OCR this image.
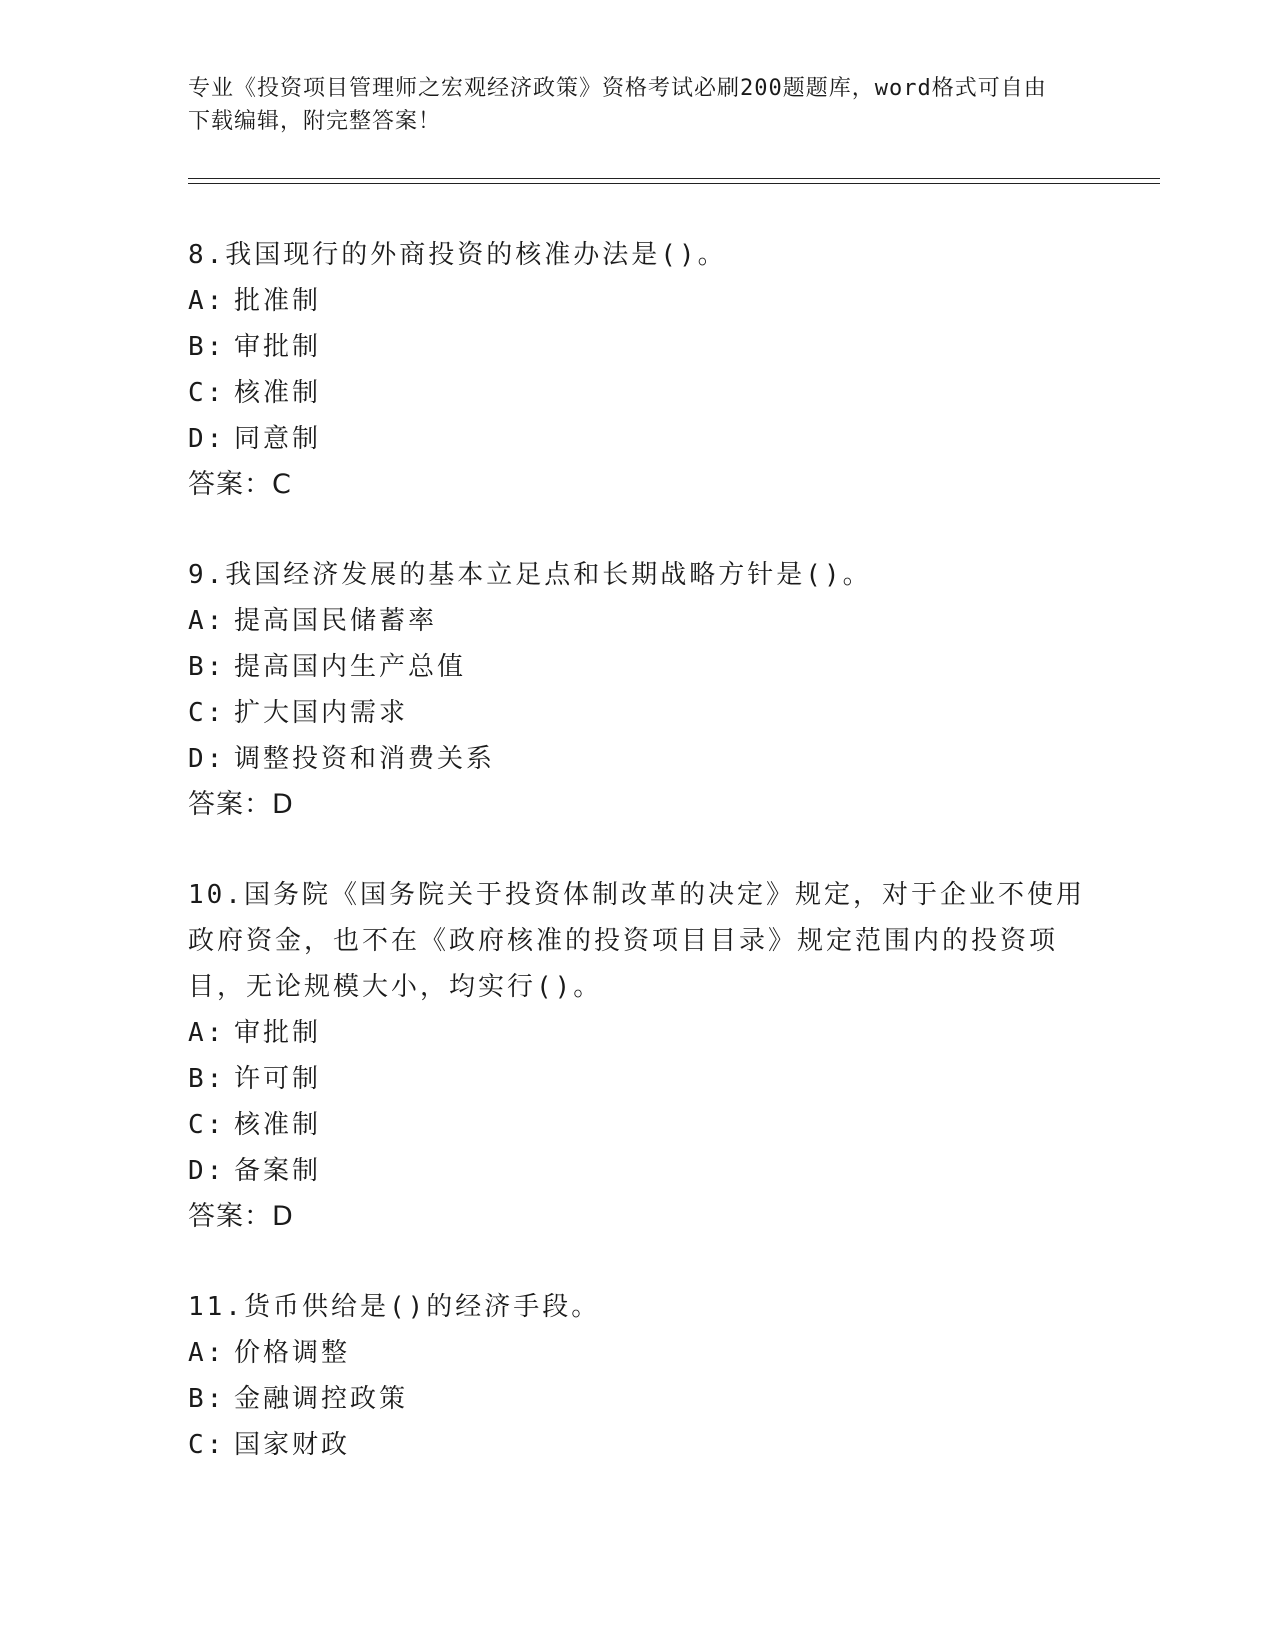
专业《投资项目管理师之宏观经济政策》资格考试必刷200题题库，word格式可自由下载编辑，附完整答案！

8.我国现行的外商投资的核准办法是()。

A: 批准制
B: 审批制
C: 核准制
D: 同意制
答案：C

9.我国经济发展的基本立足点和长期战略方针是()。

A: 提高国民储蓄率
B: 提高国内生产总值
C: 扩大国内需求
D: 调整投资和消费关系
答案：D

10.国务院《国务院关于投资体制改革的决定》规定，对于企业不使用政府资金，也不在《政府核准的投资项目目录》规定范围内的投资项目，无论规模大小，均实行()。

A: 审批制
B: 许可制
C: 核准制
D: 备案制
答案：D

11.货币供给是()的经济手段。

A: 价格调整
B: 金融调控政策
C: 国家财政
